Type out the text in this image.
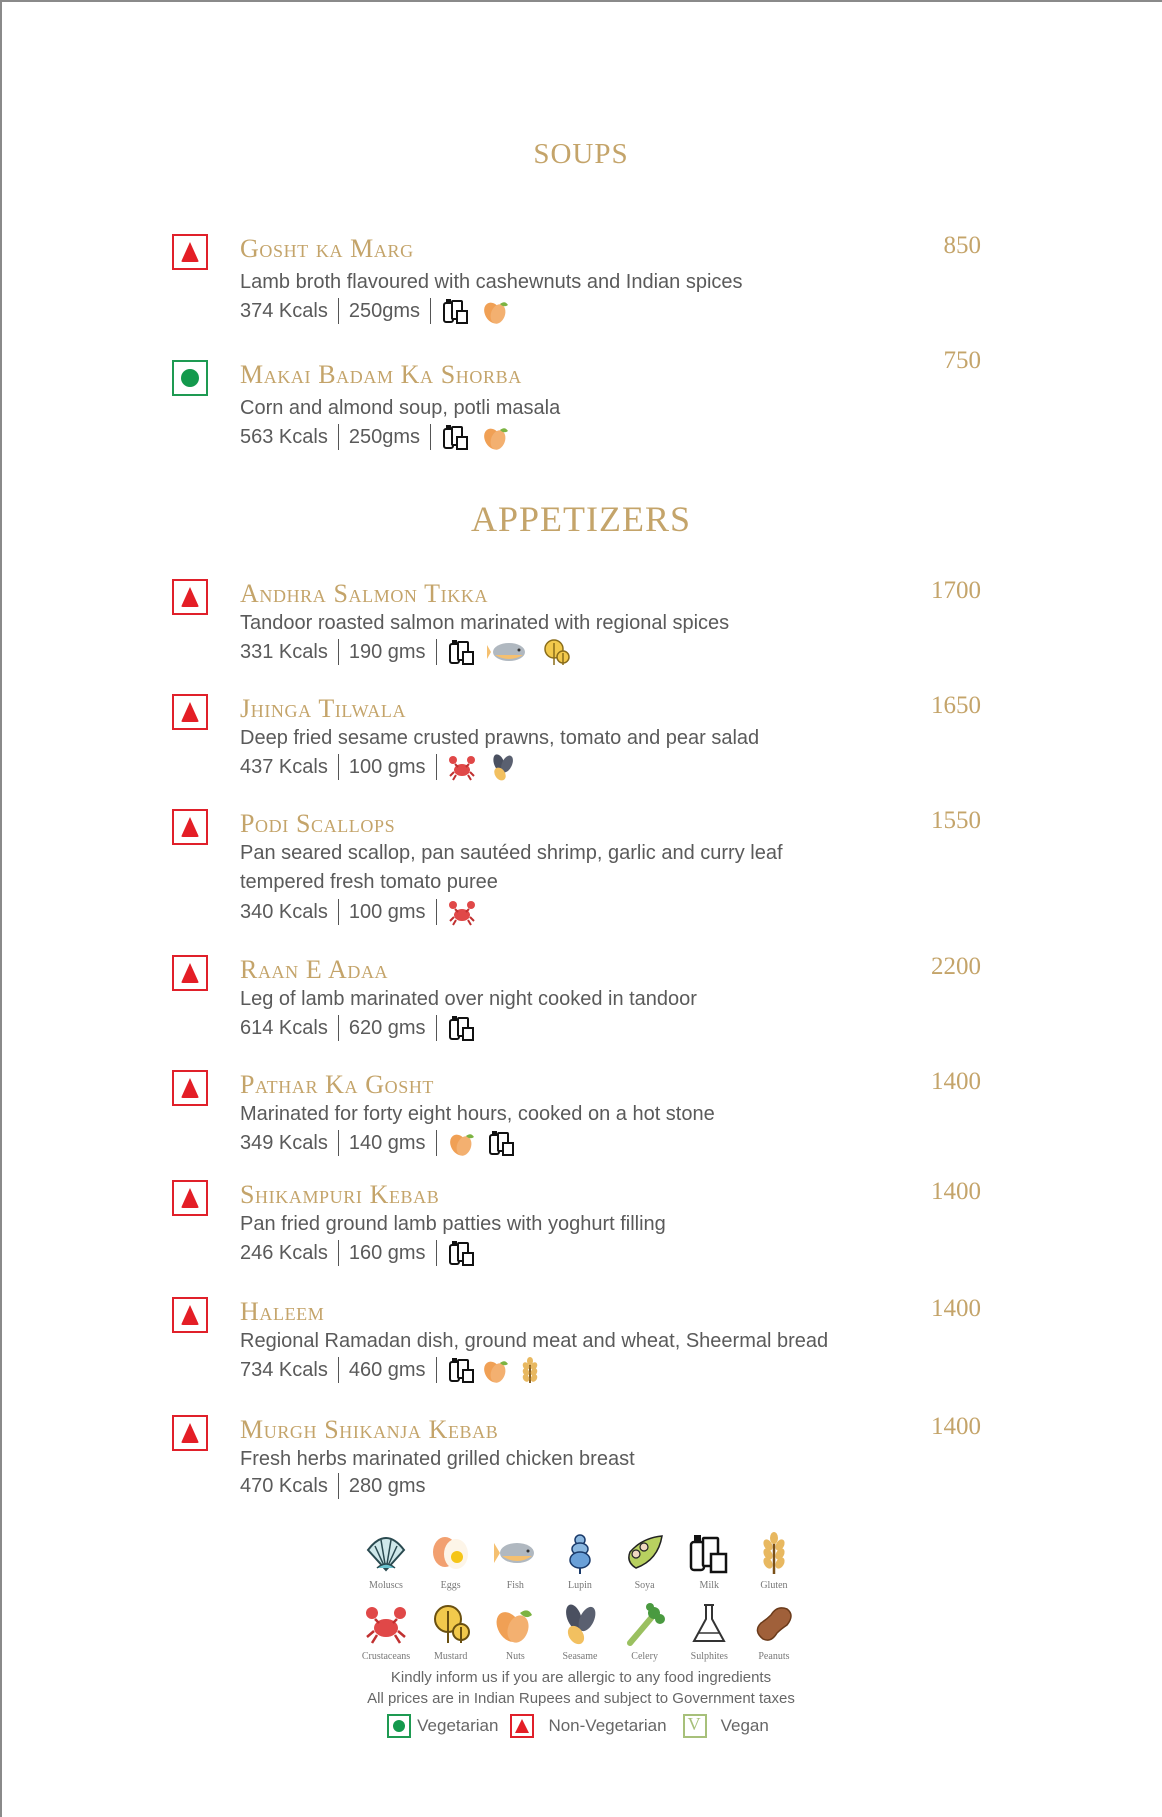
SOUPS
Gosht ka Marg	850
Lamb broth flavoured with cashewnuts and Indian spices
374 Kcals 250gms
Makai Badam Ka Shorba	750
Corn and almond soup, potli masala
563 Kcals 250gms
APPETIZERS
Andhra Salmon Tikka	1700
Tandoor roasted salmon marinated with regional spices
331 Kcals 190 gms
Jhinga Tilwala	1650
Deep fried sesame crusted prawns, tomato and pear salad
437 Kcals 100 gms
Podi Scallops	1550
Pan seared scallop, pan sautéed shrimp, garlic and curry leaf tempered fresh tomato puree
340 Kcals 100 gms
Raan E Adaa	2200
Leg of lamb marinated over night cooked in tandoor
614 Kcals 620 gms
Pathar Ka Gosht	1400
Marinated for forty eight hours, cooked on a hot stone
349 Kcals 140 gms
Shikampuri Kebab	1400
Pan fried ground lamb patties with yoghurt filling
246 Kcals 160 gms
Haleem	1400
Regional Ramadan dish, ground meat and wheat, Sheermal bread
734 Kcals 460 gms
Murgh Shikanja Kebab	1400
Fresh herbs marinated grilled chicken breast
470 Kcals 280 gms
Moluscs	Eggs	Fish	Lupin	Soya	Milk	Gluten
Crustaceans	Mustard	Nuts	Seasame	Celery	Sulphites	Peanuts
Kindly inform us if you are allergic to any food ingredients
All prices are in Indian Rupees and subject to Government taxes
Vegetarian	Non-Vegetarian V Vegan
